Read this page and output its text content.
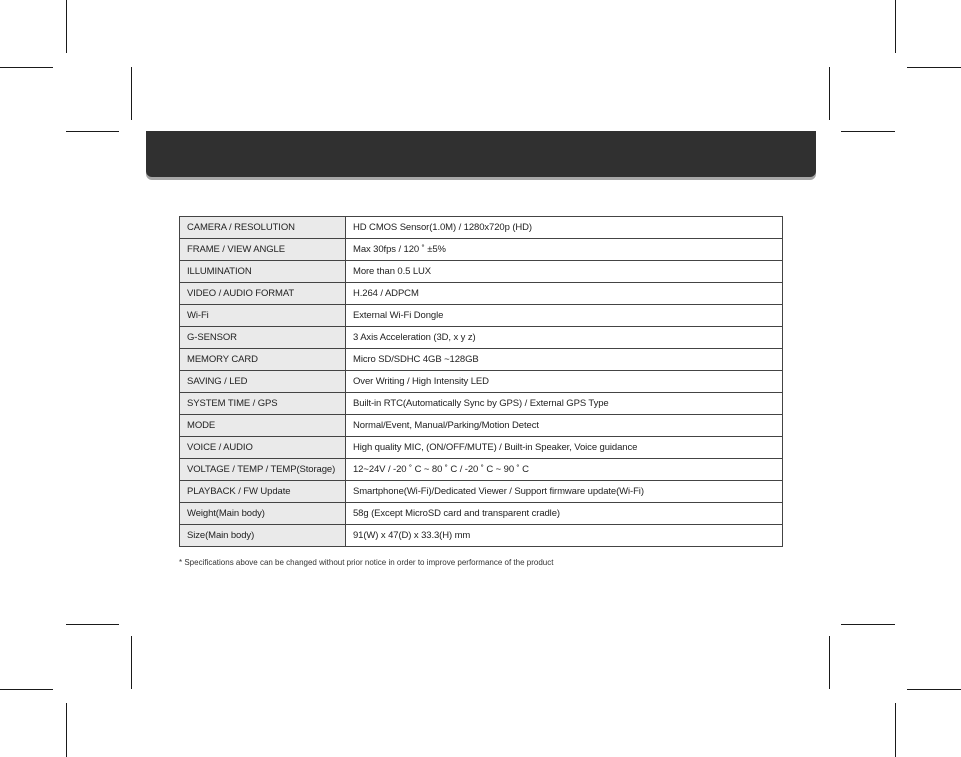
CAMERA / RESOLUTION	HD CMOS Sensor(1.0M) / 1280x720p (HD)
FRAME / VIEW ANGLE	Max 30fps / 120 ˚ ±5%
ILLUMINATION	More than 0.5 LUX
VIDEO / AUDIO FORMAT	H.264 / ADPCM
Wi-Fi	External Wi-Fi Dongle
G-SENSOR	3 Axis Acceleration (3D, x y z)
MEMORY CARD	Micro SD/SDHC 4GB ~128GB
SAVING / LED	Over Writing / High Intensity LED
SYSTEM TIME / GPS	Built-in RTC(Automatically Sync by GPS) / External GPS Type
MODE	Normal/Event, Manual/Parking/Motion Detect
VOICE / AUDIO	High quality MIC, (ON/OFF/MUTE) / Built-in Speaker, Voice guidance
VOLTAGE / TEMP / TEMP(Storage)	12~24V / -20 ˚ C ~ 80 ˚ C / -20 ˚ C ~ 90 ˚ C
PLAYBACK / FW Update	Smartphone(Wi-Fi)/Dedicated Viewer / Support firmware update(Wi-Fi)
Weight(Main body)	58g (Except MicroSD card and transparent cradle)
Size(Main body)	91(W) x 47(D) x 33.3(H) mm
* Specifications above can be changed without prior notice in order to improve performance of the product
